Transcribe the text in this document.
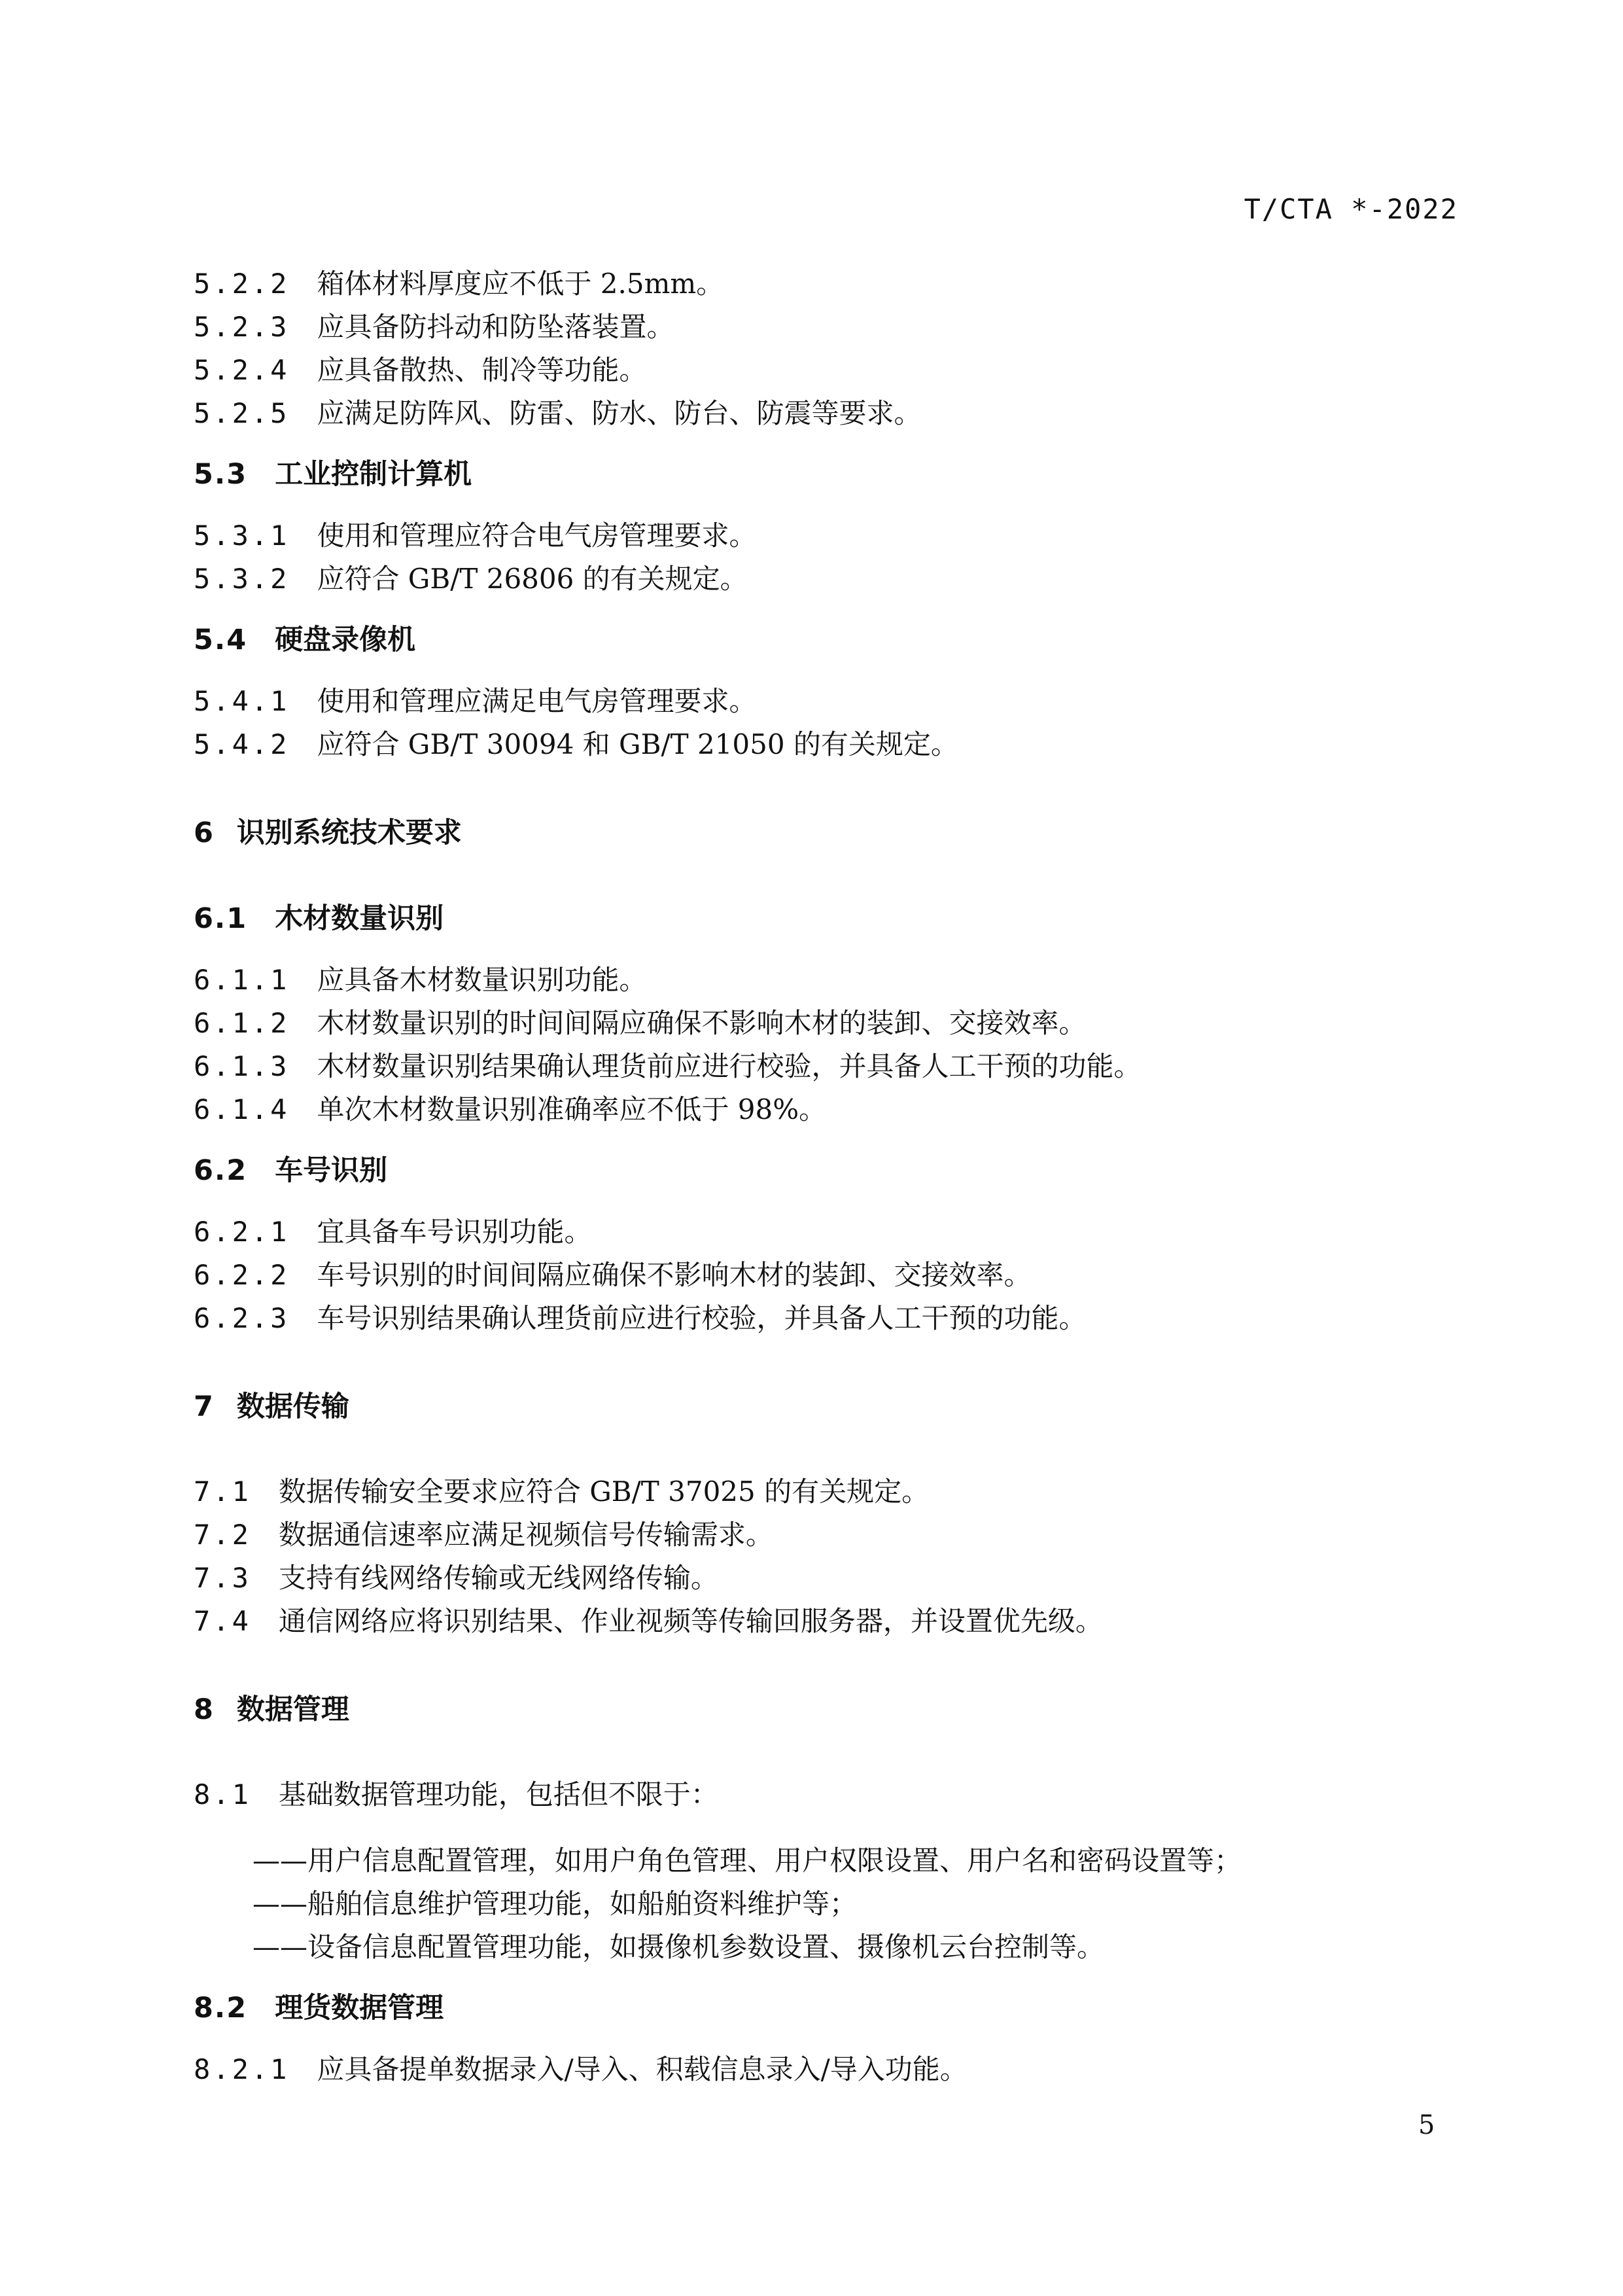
T/CTA *-2022
5.2.2 箱体材料厚度应不低于 2.5mm。
5.2.3 应具备防抖动和防坠落装置。
5.2.4 应具备散热、制冷等功能。
5.2.5 应满足防阵风、防雷、防水、防台、防震等要求。
5.3 工业控制计算机
5.3.1 使用和管理应符合电气房管理要求。
5.3.2 应符合 GB/T 26806 的有关规定。
5.4 硬盘录像机
5.4.1 使用和管理应满足电气房管理要求。
5.4.2 应符合 GB/T 30094 和 GB/T 21050 的有关规定。
6 识别系统技术要求
6.1 木材数量识别
6.1.1 应具备木材数量识别功能。
6.1.2 木材数量识别的时间间隔应确保不影响木材的装卸、交接效率。
6.1.3 木材数量识别结果确认理货前应进行校验，并具备人工干预的功能。
6.1.4 单次木材数量识别准确率应不低于 98%。
6.2 车号识别
6.2.1 宜具备车号识别功能。
6.2.2 车号识别的时间间隔应确保不影响木材的装卸、交接效率。
6.2.3 车号识别结果确认理货前应进行校验，并具备人工干预的功能。
7 数据传输
7.1 数据传输安全要求应符合 GB/T 37025 的有关规定。
7.2 数据通信速率应满足视频信号传输需求。
7.3 支持有线网络传输或无线网络传输。
7.4 通信网络应将识别结果、作业视频等传输回服务器，并设置优先级。
8 数据管理
8.1 基础数据管理功能，包括但不限于：
——用户信息配置管理，如用户角色管理、用户权限设置、用户名和密码设置等；
——船舶信息维护管理功能，如船舶资料维护等；
——设备信息配置管理功能，如摄像机参数设置、摄像机云台控制等。
8.2 理货数据管理
8.2.1 应具备提单数据录入/导入、积载信息录入/导入功能。
5
